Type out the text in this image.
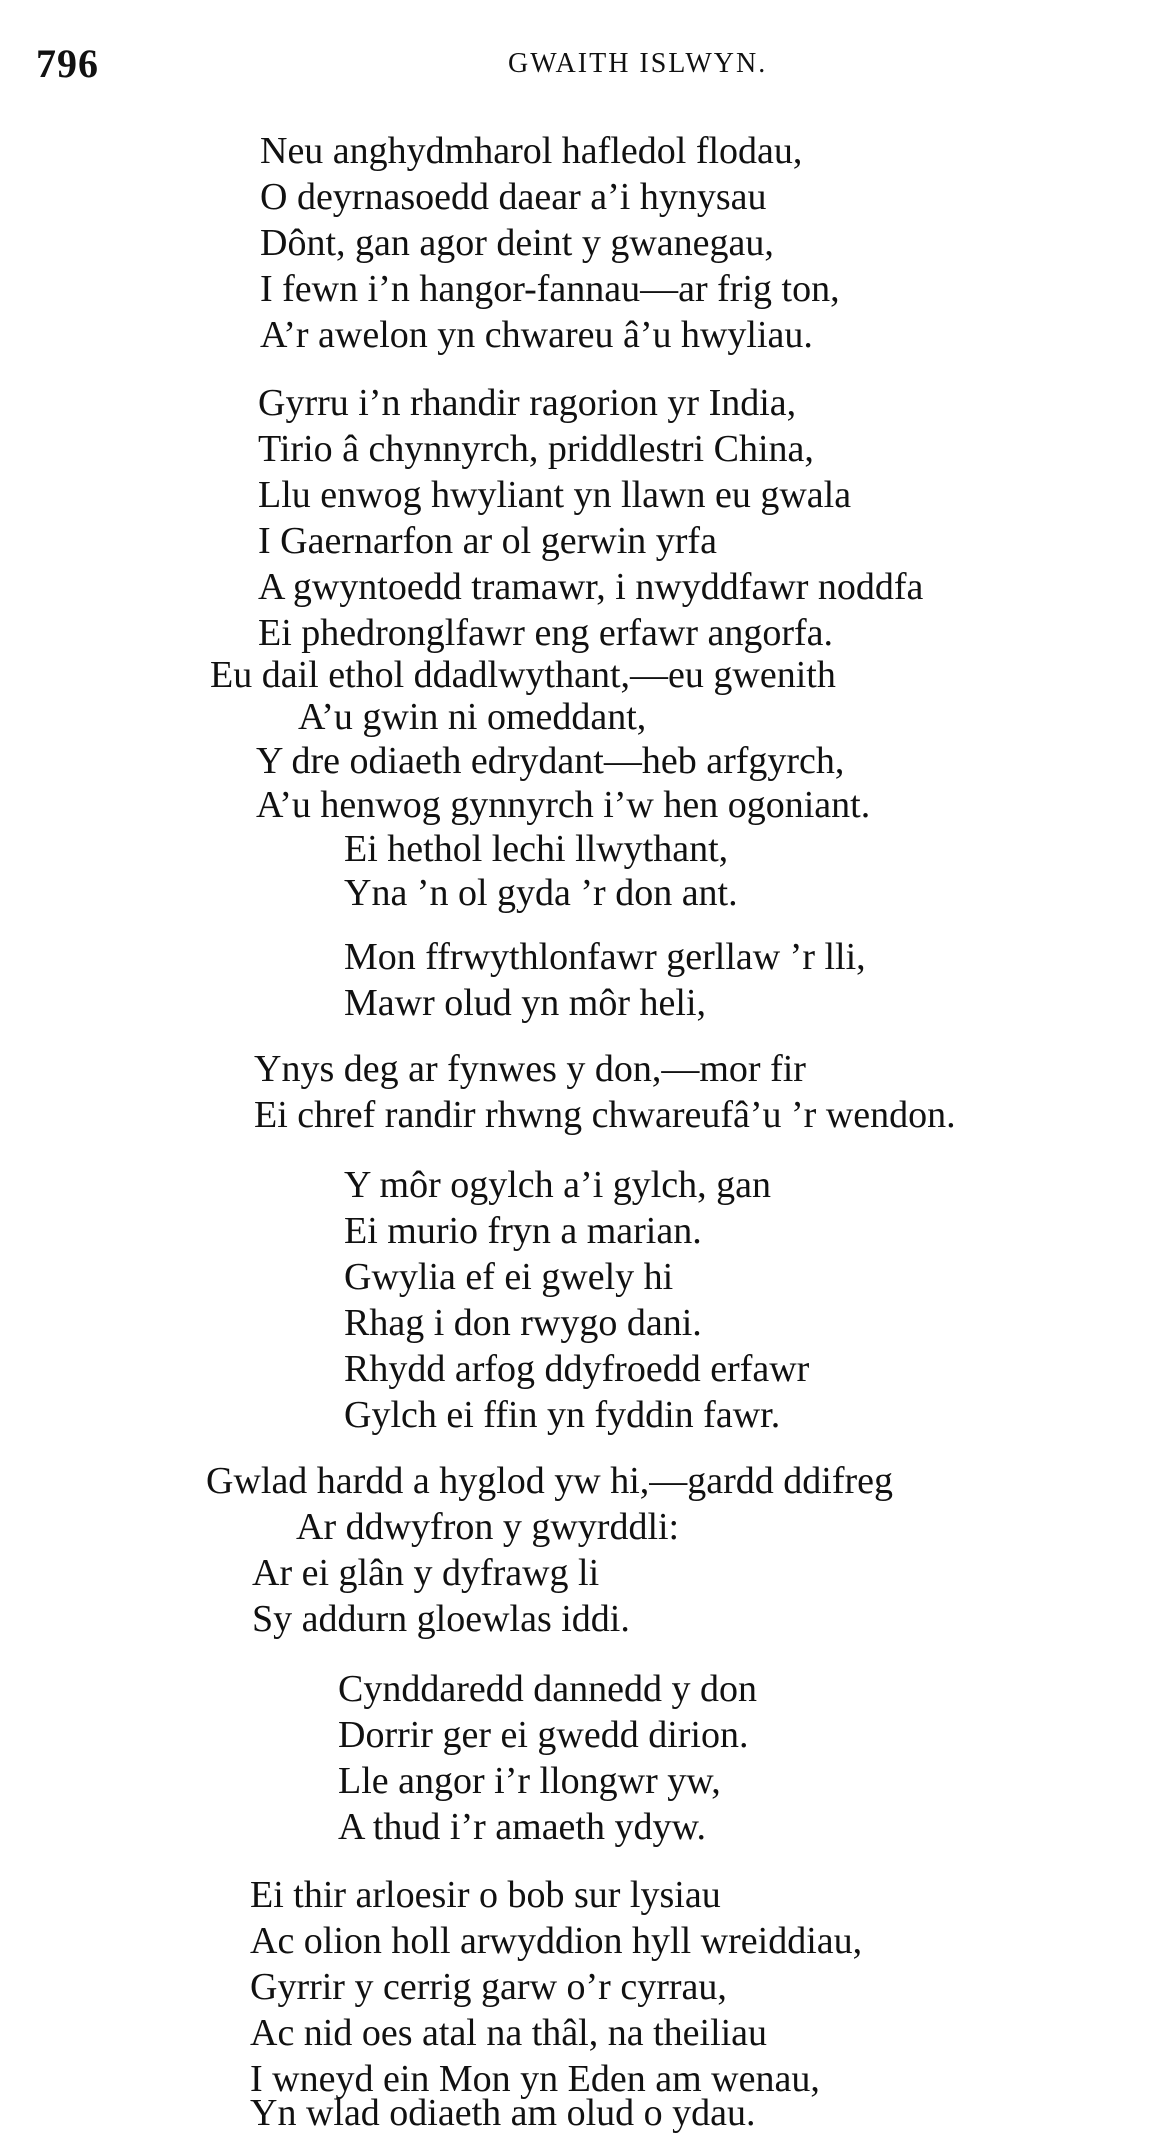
796	GWAITH ISLWYN.
Neu anghydmharol hafledol flodau,
O deyrnasoedd daear a’i hynysau
Dônt, gan agor deint y gwanegau,
I fewn i’n hangor-fannau—ar frig ton,
A’r awelon yn chwareu â’u hwyliau.
Gyrru i’n rhandir ragorion yr India,
Tirio â chynnyrch, priddlestri China,
Llu enwog hwyliant yn llawn eu gwala
I Gaernarfon ar ol gerwin yrfa
A gwyntoedd tramawr, i nwyddfawr noddfa
Ei phedronglfawr eng erfawr angorfa.
Eu dail ethol ddadlwythant,—eu gwenith
A’u gwin ni omeddant,
Y dre odiaeth edrydant—heb arfgyrch,
A’u henwog gynnyrch i’w hen ogoniant.
Ei hethol lechi llwythant,
Yna ’n ol gyda ’r don ant.
Mon ffrwythlonfawr gerllaw ’r lli,
Mawr olud yn môr heli,
Ynys deg ar fynwes y don,—mor fir
Ei chref randir rhwng chwareufâ’u ’r wendon.
Y môr ogylch a’i gylch, gan
Ei murio fryn a marian.
Gwylia ef ei gwely hi
Rhag i don rwygo dani.
Rhydd arfog ddyfroedd erfawr
Gylch ei ffin yn fyddin fawr.
Gwlad hardd a hyglod yw hi,—gardd ddifreg
Ar ddwyfron y gwyrddli:
Ar ei glân y dyfrawg li
Sy addurn gloewlas iddi.
Cynddaredd dannedd y don
Dorrir ger ei gwedd dirion.
Lle angor i’r llongwr yw,
A thud i’r amaeth ydyw.
Ei thir arloesir o bob sur lysiau
Ac olion holl arwyddion hyll wreiddiau,
Gyrrir y cerrig garw o’r cyrrau,
Ac nid oes atal na thâl, na theiliau
I wneyd ein Mon yn Eden am wenau,
Yn wlad odiaeth am olud o ydau.
